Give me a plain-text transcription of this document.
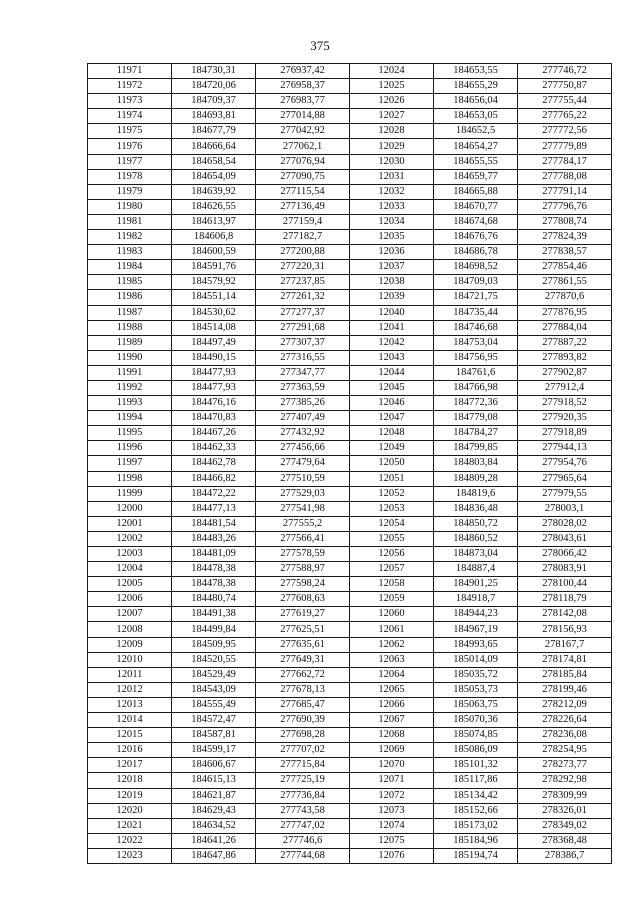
375
11971	184730,31	276937,42	12024	184653,55	277746,72
11972	184720,06	276958,37	12025	184655,29	277750,87
11973	184709,37	276983,77	12026	184656,04	277755,44
11974	184693,81	277014,88	12027	184653,05	277765,22
11975	184677,79	277042,92	12028	184652,5	277772,56
11976	184666,64	277062,1	12029	184654,27	277779,89
11977	184658,54	277076,94	12030	184655,55	277784,17
11978	184654,09	277090,75	12031	184659,77	277788,08
11979	184639,92	277115,54	12032	184665,88	277791,14
11980	184626,55	277136,49	12033	184670,77	277796,76
11981	184613,97	277159,4	12034	184674,68	277808,74
11982	184606,8	277182,7	12035	184676,76	277824,39
11983	184600,59	277200,88	12036	184686,78	277838,57
11984	184591,76	277220,31	12037	184698,52	277854,46
11985	184579,92	277237,85	12038	184709,03	277861,55
11986	184551,14	277261,32	12039	184721,75	277870,6
11987	184530,62	277277,37	12040	184735,44	277876,95
11988	184514,08	277291,68	12041	184746,68	277884,04
11989	184497,49	277307,37	12042	184753,04	277887,22
11990	184490,15	277316,55	12043	184756,95	277893,82
11991	184477,93	277347,77	12044	184761,6	277902,87
11992	184477,93	277363,59	12045	184766,98	277912,4
11993	184476,16	277385,26	12046	184772,36	277918,52
11994	184470,83	277407,49	12047	184779,08	277920,35
11995	184467,26	277432,92	12048	184784,27	277918,89
11996	184462,33	277456,66	12049	184799,85	277944,13
11997	184462,78	277479,64	12050	184803,84	277954,76
11998	184466,82	277510,59	12051	184809,28	277965,64
11999	184472,22	277529,03	12052	184819,6	277979,55
12000	184477,13	277541,98	12053	184836,48	278003,1
12001	184481,54	277555,2	12054	184850,72	278028,02
12002	184483,26	277566,41	12055	184860,52	278043,61
12003	184481,09	277578,59	12056	184873,04	278066,42
12004	184478,38	277588,97	12057	184887,4	278083,91
12005	184478,38	277598,24	12058	184901,25	278100,44
12006	184480,74	277608,63	12059	184918,7	278118,79
12007	184491,38	277619,27	12060	184944,23	278142,08
12008	184499,84	277625,51	12061	184967,19	278156,93
12009	184509,95	277635,61	12062	184993,65	278167,7
12010	184520,55	277649,31	12063	185014,09	278174,81
12011	184529,49	277662,72	12064	185035,72	278185,84
12012	184543,09	277678,13	12065	185053,73	278199,46
12013	184555,49	277685,47	12066	185063,75	278212,09
12014	184572,47	277690,39	12067	185070,36	278226,64
12015	184587,81	277698,28	12068	185074,85	278236,08
12016	184599,17	277707,02	12069	185086,09	278254,95
12017	184606,67	277715,84	12070	185101,32	278273,77
12018	184615,13	277725,19	12071	185117,86	278292,98
12019	184621,87	277736,84	12072	185134,42	278309,99
12020	184629,43	277743,58	12073	185152,66	278326,01
12021	184634,52	277747,02	12074	185173,02	278349,02
12022	184641,26	277746,6	12075	185184,96	278368,48
12023	184647,86	277744,68	12076	185194,74	278386,7
